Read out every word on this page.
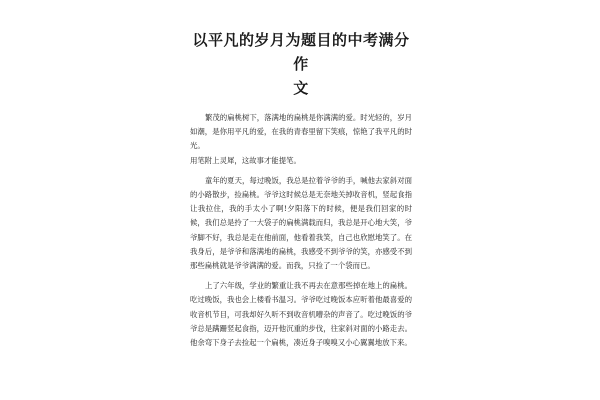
以平凡的岁月为题目的中考满分作
文

繁茂的扁桃树下，落满地的扁桃是你满满的爱。时光轻的，岁月如潮，是你用平凡的爱，在我的青春里留下笑痕，惊艳了我平凡的时光。

用笔附上灵犀，这故事才能提笔。

童年的夏天，每过晚饭，我总是拉着爷爷的手，喊他去家斜对面的小路散步，捡扁桃。爷爷这时候总是无奈地关掉收音机，竖起食指让我拉住，我的手太小了啊!夕阳落下的时候，便是我们回家的时候，我们总是拎了一大袋子的扁桃满载而归，我总是开心地大笑，爷爷脚不好，我总是走在他前面，他看着我笑，自己也欣慰地笑了。在我身后，是爷爷和落满地的扁桃，我感受不到爷爷的笑，亦感受不到那些扁桃就是爷爷满满的爱。而我，只捡了一个袋而已。

上了六年级，学业的繁重让我不再去在意那些掉在地上的扁桃。吃过晚饭，我也会上楼看书温习。爷爷吃过晚饭本应听着他最喜爱的收音机节目，可我却好久听不到收音机嘈杂的声音了。吃过晚饭的爷爷总是蹒跚竖起食指，迈开他沉重的步伐，往家斜对面的小路走去。他余弯下身子去捡起一个扁桃，凑近身子嗅嗅又小心翼翼地放下来。
